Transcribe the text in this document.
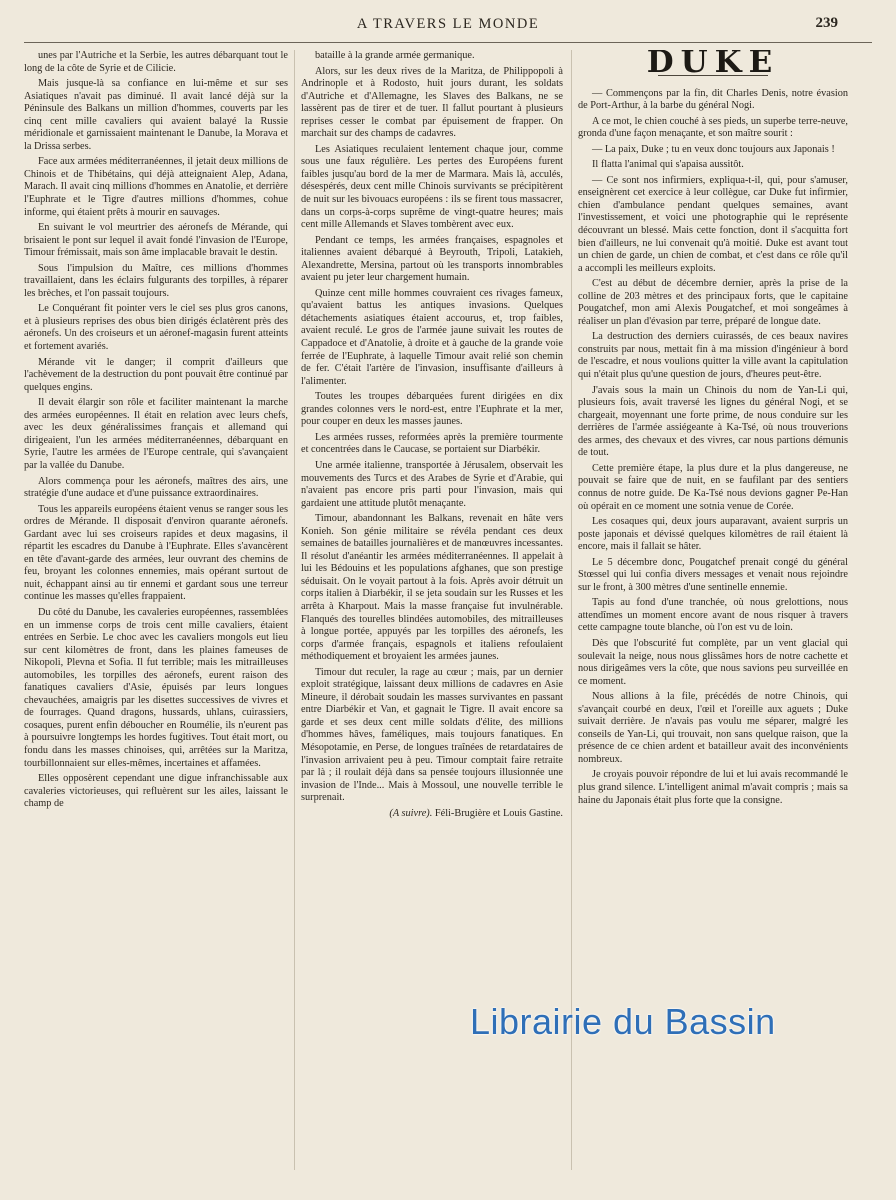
A TRAVERS LE MONDE	239

unes par l'Autriche et la Serbie, les autres débarquant tout le long de la côte de Syrie et de Cilicie.

Mais jusque-là sa confiance en lui-même et sur ses Asiatiques n'avait pas diminué. Il avait lancé déjà sur la Péninsule des Balkans un million d'hommes, couverts par les cinq cent mille cavaliers qui avaient balayé la Russie méridionale et garnissaient maintenant le Danube, la Morava et la Drissa serbes.

Face aux armées méditerranéennes, il jetait deux millions de Chinois et de Thibétains, qui déjà atteignaient Alep, Adana, Marach. Il avait cinq millions d'hommes en Anatolie, et derrière l'Euphrate et le Tigre d'autres millions d'hommes, cohue informe, qui étaient prêts à mourir en sauvages.

En suivant le vol meurtrier des aéronefs de Mérande, qui brisaient le pont sur lequel il avait fondé l'invasion de l'Europe, Timour frémissait, mais son âme implacable bravait le destin.

Sous l'impulsion du Maître, ces millions d'hommes travaillaient, dans les éclairs fulgurants des torpilles, à réparer les brèches, et l'on passait toujours.

Le Conquérant fit pointer vers le ciel ses plus gros canons, et à plusieurs reprises des obus bien dirigés éclatèrent près des aéronefs. Un des croiseurs et un aéronef-magasin furent atteints et fortement avariés.

Mérande vit le danger; il comprit d'ailleurs que l'achèvement de la destruction du pont pouvait être continué par quelques engins.

Il devait élargir son rôle et faciliter maintenant la marche des armées européennes. Il était en relation avec leurs chefs, avec les deux généralissimes français et allemand qui dirigeaient, l'un les armées méditerranéennes, débarquant en Syrie, l'autre les armées de l'Europe centrale, qui s'avançaient par la vallée du Danube.

Alors commença pour les aéronefs, maîtres des airs, une stratégie d'une audace et d'une puissance extraordinaires.

Tous les appareils européens étaient venus se ranger sous les ordres de Mérande. Il disposait d'environ quarante aéronefs. Gardant avec lui ses croiseurs rapides et deux magasins, il répartit les escadres du Danube à l'Euphrate. Elles s'avancèrent en tête d'avant-garde des armées, leur ouvrant des chemins de feu, broyant les colonnes ennemies, mais opérant surtout de nuit, échappant ainsi au tir ennemi et gardant sous une terreur continue les masses qu'elles frappaient.

Du côté du Danube, les cavaleries européennes, rassemblées en un immense corps de trois cent mille cavaliers, étaient entrées en Serbie. Le choc avec les cavaliers mongols eut lieu sur cent kilomètres de front, dans les plaines fameuses de Nikopoli, Plevna et Sofia. Il fut terrible; mais les mitrailleuses automobiles, les torpilles des aéronefs, eurent raison des fanatiques cavaliers d'Asie, épuisés par leurs longues chevauchées, amaigris par les disettes successives de vivres et de fourrages. Quand dragons, hussards, uhlans, cuirassiers, cosaques, purent enfin déboucher en Roumélie, ils n'eurent pas à poursuivre longtemps les hordes fugitives. Tout était mort, ou fondu dans les masses chinoises, qui, arrêtées sur la Maritza, tourbillonnaient sur elles-mêmes, incertaines et affamées.

Elles opposèrent cependant une digue infranchissable aux cavaleries victorieuses, qui refluèrent sur les ailes, laissant le champ de

bataille à la grande armée germanique.

Alors, sur les deux rives de la Maritza, de Philippopoli à Andrinople et à Rodosto, huit jours durant, les soldats d'Autriche et d'Allemagne, les Slaves des Balkans, ne se lassèrent pas de tirer et de tuer. Il fallut pourtant à plusieurs reprises cesser le combat par épuisement de frapper. On marchait sur des champs de cadavres.

Les Asiatiques reculaient lentement chaque jour, comme sous une faux régulière. Les pertes des Européens furent faibles jusqu'au bord de la mer de Marmara. Mais là, acculés, désespérés, deux cent mille Chinois survivants se précipitèrent de nuit sur les bivouacs européens : ils se firent tous massacrer, dans un corps-à-corps suprême de vingt-quatre heures; mais cent mille Allemands et Slaves tombèrent avec eux.

Pendant ce temps, les armées françaises, espagnoles et italiennes avaient débarqué à Beyrouth, Tripoli, Latakieh, Alexandrette, Mersina, partout où les transports innombrables avaient pu jeter leur chargement humain.

Quinze cent mille hommes couvraient ces rivages fameux, qu'avaient battus les antiques invasions. Quelques détachements asiatiques étaient accourus, et, trop faibles, avaient reculé. Le gros de l'armée jaune suivait les routes de Cappadoce et d'Anatolie, à droite et à gauche de la grande voie ferrée de l'Euphrate, à laquelle Timour avait relié son chemin de fer. C'était l'artère de l'invasion, insuffisante d'ailleurs à l'alimenter.

Toutes les troupes débarquées furent dirigées en dix grandes colonnes vers le nord-est, entre l'Euphrate et la mer, pour couper en deux les masses jaunes.

Les armées russes, reformées après la première tourmente et concentrées dans le Caucase, se portaient sur Diarbékir.

Une armée italienne, transportée à Jérusalem, observait les mouvements des Turcs et des Arabes de Syrie et d'Arabie, qui n'avaient pas encore pris parti pour l'invasion, mais qui gardaient une attitude plutôt menaçante.

Timour, abandonnant les Balkans, revenait en hâte vers Konieh. Son génie militaire se révéla pendant ces deux semaines de batailles journalières et de manœuvres incessantes. Il résolut d'anéantir les armées méditerranéennes. Il appelait à lui les Bédouins et les populations afghanes, que son prestige séduisait. On le voyait partout à la fois. Après avoir détruit un corps italien à Diarbékir, il se jeta soudain sur les Russes et les arrêta à Kharpout. Mais la masse française fut invulnérable. Flanqués des tourelles blindées automobiles, des mitrailleuses à longue portée, appuyés par les torpilles des aéronefs, les corps d'armée français, espagnols et italiens refoulaient méthodiquement et broyaient les armées jaunes.

Timour dut reculer, la rage au cœur ; mais, par un dernier exploit stratégique, laissant deux millions de cadavres en Asie Mineure, il dérobait soudain les masses survivantes en passant entre Diarbékir et Van, et gagnait le Tigre. Il avait encore sa garde et ses deux cent mille soldats d'élite, des millions d'hommes hâves, faméliques, mais toujours fanatiques. En Mésopotamie, en Perse, de longues traînées de retardataires de l'invasion arrivaient peu à peu. Timour comptait faire retraite par là ; il roulait déjà dans sa pensée toujours illusionnée une invasion de l'Inde... Mais à Mossoul, une nouvelle terrible le surprenait.

(A suivre). Féli-Brugière et Louis Gastine.

DUKE

— Commençons par la fin, dit Charles Denis, notre évasion de Port-Arthur, à la barbe du général Nogi.

A ce mot, le chien couché à ses pieds, un superbe terre-neuve, gronda d'une façon menaçante, et son maître sourit :

— La paix, Duke ; tu en veux donc toujours aux Japonais !

Il flatta l'animal qui s'apaisa aussitôt.

— Ce sont nos infirmiers, expliqua-t-il, qui, pour s'amuser, enseignèrent cet exercice à leur collègue, car Duke fut infirmier, chien d'ambulance pendant quelques semaines, avant l'investissement, et voici une photographie qui le représente découvrant un blessé. Mais cette fonction, dont il s'acquitta fort bien d'ailleurs, ne lui convenait qu'à moitié. Duke est avant tout un chien de garde, un chien de combat, et c'est dans ce rôle qu'il a accompli les meilleurs exploits.

C'est au début de décembre dernier, après la prise de la colline de 203 mètres et des principaux forts, que le capitaine Pougatchef, mon ami Alexis Pougatchef, et moi songeâmes à réaliser un plan d'évasion par terre, préparé de longue date.

La destruction des derniers cuirassés, de ces beaux navires construits par nous, mettait fin à ma mission d'ingénieur à bord de l'escadre, et nous voulions quitter la ville avant la capitulation qui n'était plus qu'une question de jours, d'heures peut-être.

J'avais sous la main un Chinois du nom de Yan-Li qui, plusieurs fois, avait traversé les lignes du général Nogi, et se chargeait, moyennant une forte prime, de nous conduire sur les derrières de l'armée assiégeante à Ka-Tsé, où nous trouverions des armes, des chevaux et des vivres, car nous partions démunis de tout.

Cette première étape, la plus dure et la plus dangereuse, ne pouvait se faire que de nuit, en se faufilant par des sentiers connus de notre guide. De Ka-Tsé nous devions gagner Pe-Han où opérait en ce moment une sotnia venue de Corée.

Les cosaques qui, deux jours auparavant, avaient surpris un poste japonais et dévissé quelques kilomètres de rail étaient là encore, mais il fallait se hâter.

Le 5 décembre donc, Pougatchef prenait congé du général Stœssel qui lui confia divers messages et venait nous rejoindre sur le front, à 300 mètres d'une sentinelle ennemie.

Tapis au fond d'une tranchée, où nous grelottions, nous attendîmes un moment encore avant de nous risquer à travers cette campagne toute blanche, où l'on est vu de loin.

Dès que l'obscurité fut complète, par un vent glacial qui soulevait la neige, nous nous glissâmes hors de notre cachette et nous dirigeâmes vers la côte, que nous savions peu surveillée en ce moment.

Nous allions à la file, précédés de notre Chinois, qui s'avançait courbé en deux, l'œil et l'oreille aux aguets ; Duke suivait derrière. Je n'avais pas voulu me séparer, malgré les conseils de Yan-Li, qui trouvait, non sans quelque raison, que la présence de ce chien ardent et batailleur avait des inconvénients nombreux.

Je croyais pouvoir répondre de lui et lui avais recommandé le plus grand silence. L'intelligent animal m'avait compris ; mais sa haine du Japonais était plus forte que la consigne.

Librairie du Bassin
